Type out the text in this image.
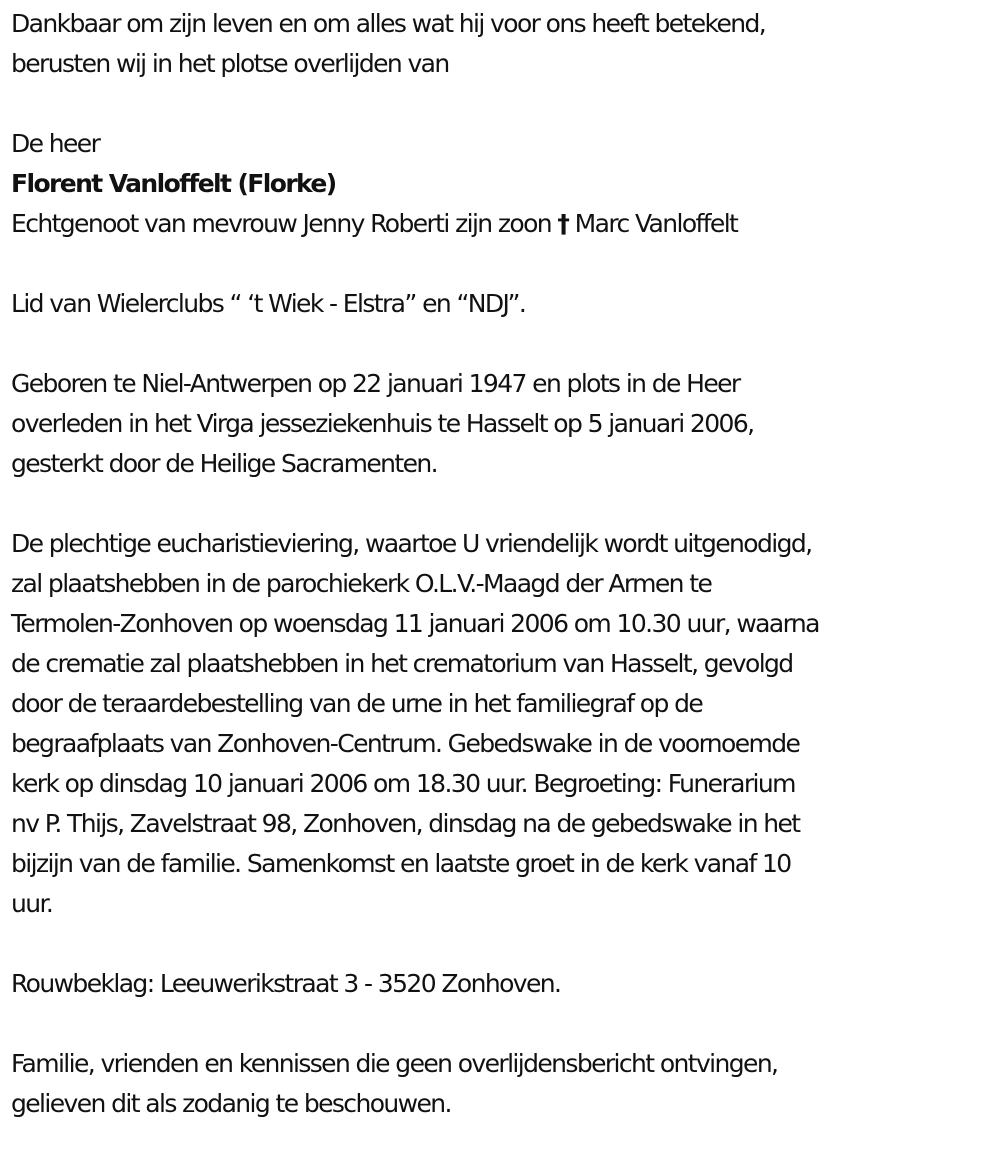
Dankbaar om zijn leven en om alles wat hij voor ons heeft betekend,
berusten wij in het plotse overlijden van
De heer
Florent Vanloffelt (Florke)
Echtgenoot van mevrouw Jenny Roberti zijn zoon † Marc Vanloffelt
Lid van Wielerclubs “ ‘t Wiek - Elstra” en “NDJ”.
Geboren te Niel-Antwerpen op 22 januari 1947 en plots in de Heer
overleden in het Virga jesseziekenhuis te Hasselt op 5 januari 2006,
gesterkt door de Heilige Sacramenten.
De plechtige eucharistieviering, waartoe U vriendelijk wordt uitgenodigd,
zal plaatshebben in de parochiekerk O.L.V.-Maagd der Armen te
Termolen-Zonhoven op woensdag 11 januari 2006 om 10.30 uur, waarna
de crematie zal plaatshebben in het crematorium van Hasselt, gevolgd
door de teraardebestelling van de urne in het familiegraf op de
begraafplaats van Zonhoven-Centrum. Gebedswake in de voornoemde
kerk op dinsdag 10 januari 2006 om 18.30 uur. Begroeting: Funerarium
nv P. Thijs, Zavelstraat 98, Zonhoven, dinsdag na de gebedswake in het
bijzijn van de familie. Samenkomst en laatste groet in de kerk vanaf 10
uur.
Rouwbeklag: Leeuwerikstraat 3 - 3520 Zonhoven.
Familie, vrienden en kennissen die geen overlijdensbericht ontvingen,
gelieven dit als zodanig te beschouwen.
